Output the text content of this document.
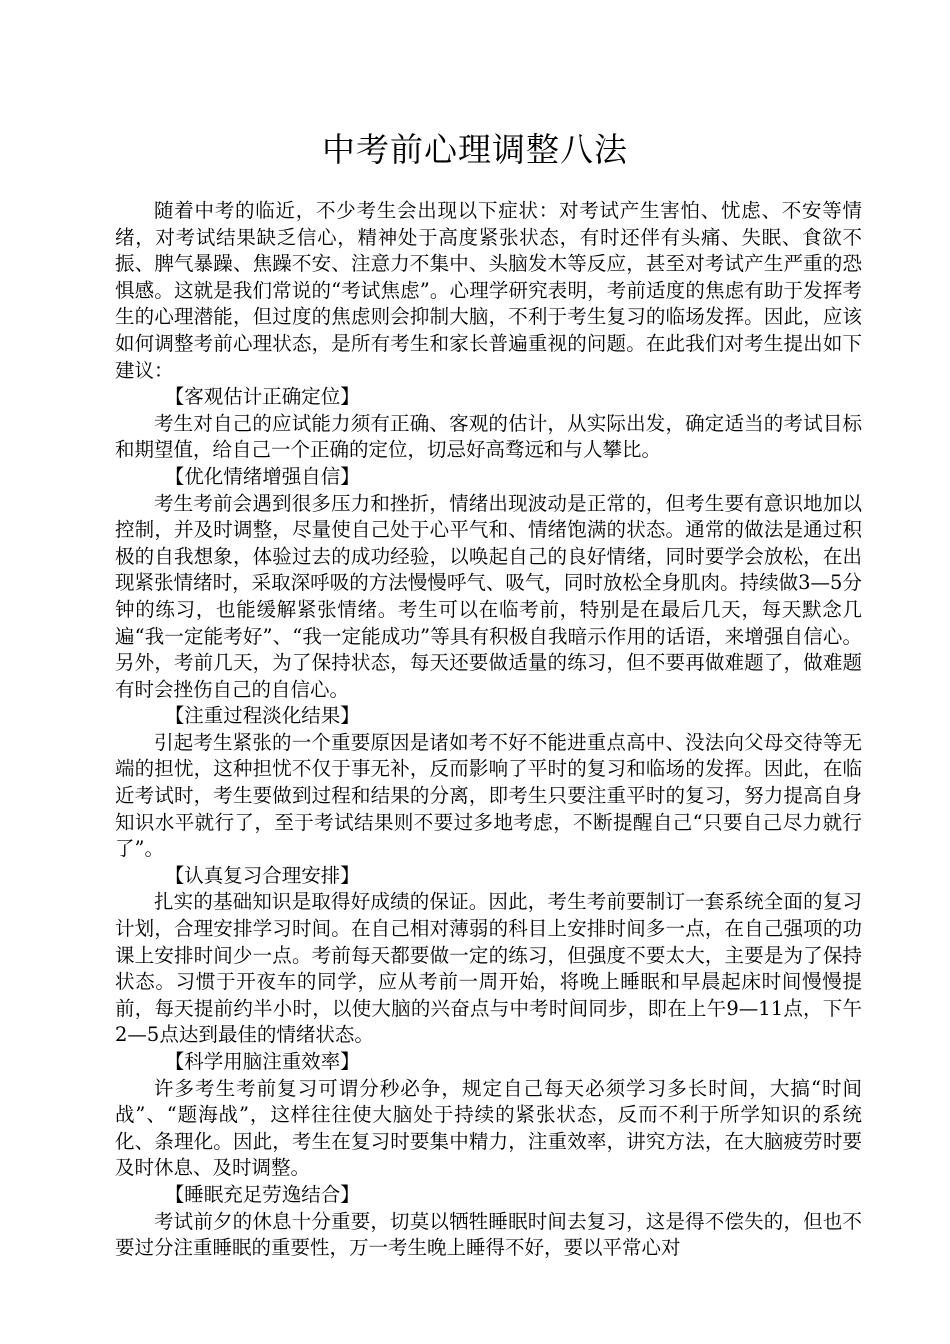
中考前心理调整八法

随着中考的临近，不少考生会出现以下症状：对考试产生害怕、忧虑、不安等情绪，对考试结果缺乏信心，精神处于高度紧张状态，有时还伴有头痛、失眠、食欲不振、脾气暴躁、焦躁不安、注意力不集中、头脑发木等反应，甚至对考试产生严重的恐惧感。这就是我们常说的“考试焦虑”。心理学研究表明，考前适度的焦虑有助于发挥考生的心理潜能，但过度的焦虑则会抑制大脑，不利于考生复习的临场发挥。因此，应该如何调整考前心理状态，是所有考生和家长普遍重视的问题。在此我们对考生提出如下建议：

【客观估计正确定位】

考生对自己的应试能力须有正确、客观的估计，从实际出发，确定适当的考试目标和期望值，给自己一个正确的定位，切忌好高骛远和与人攀比。

【优化情绪增强自信】

考生考前会遇到很多压力和挫折，情绪出现波动是正常的，但考生要有意识地加以控制，并及时调整，尽量使自己处于心平气和、情绪饱满的状态。通常的做法是通过积极的自我想象，体验过去的成功经验，以唤起自己的良好情绪，同时要学会放松，在出现紧张情绪时，采取深呼吸的方法慢慢呼气、吸气，同时放松全身肌肉。持续做3—5分钟的练习，也能缓解紧张情绪。考生可以在临考前，特别是在最后几天，每天默念几遍“我一定能考好”、“我一定能成功”等具有积极自我暗示作用的话语，来增强自信心。另外，考前几天，为了保持状态，每天还要做适量的练习，但不要再做难题了，做难题有时会挫伤自己的自信心。

【注重过程淡化结果】

引起考生紧张的一个重要原因是诸如考不好不能进重点高中、没法向父母交待等无端的担忧，这种担忧不仅于事无补，反而影响了平时的复习和临场的发挥。因此，在临近考试时，考生要做到过程和结果的分离，即考生只要注重平时的复习，努力提高自身知识水平就行了，至于考试结果则不要过多地考虑，不断提醒自己“只要自己尽力就行了”。

【认真复习合理安排】

扎实的基础知识是取得好成绩的保证。因此，考生考前要制订一套系统全面的复习计划，合理安排学习时间。在自己相对薄弱的科目上安排时间多一点，在自己强项的功课上安排时间少一点。考前每天都要做一定的练习，但强度不要太大，主要是为了保持状态。习惯于开夜车的同学，应从考前一周开始，将晚上睡眠和早晨起床时间慢慢提前，每天提前约半小时，以使大脑的兴奋点与中考时间同步，即在上午9—11点，下午2—5点达到最佳的情绪状态。

【科学用脑注重效率】

许多考生考前复习可谓分秒必争，规定自己每天必须学习多长时间，大搞“时间战”、“题海战”，这样往往使大脑处于持续的紧张状态，反而不利于所学知识的系统化、条理化。因此，考生在复习时要集中精力，注重效率，讲究方法，在大脑疲劳时要及时休息、及时调整。

【睡眠充足劳逸结合】

考试前夕的休息十分重要，切莫以牺牲睡眠时间去复习，这是得不偿失的，但也不要过分注重睡眠的重要性，万一考生晚上睡得不好，要以平常心对
